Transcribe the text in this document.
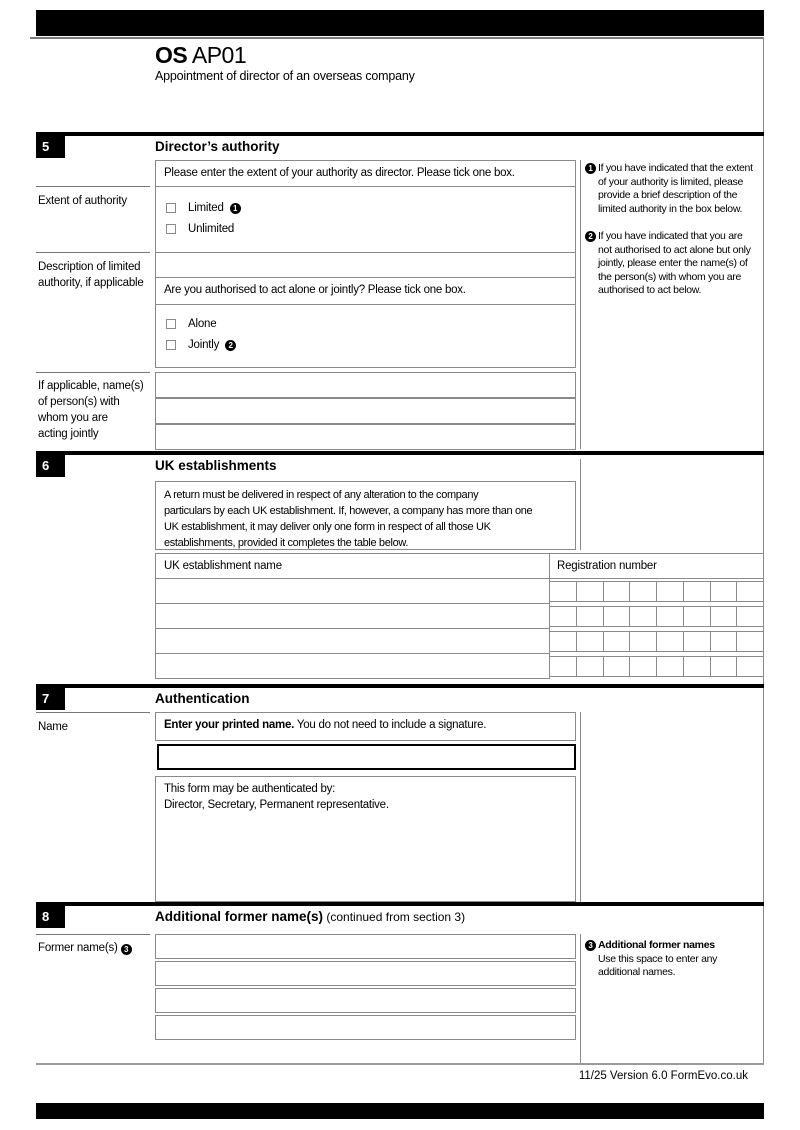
OS AP01
Appointment of director of an overseas company
5	Director’s authority
Please enter the extent of your authority as director. Please tick one box.
Extent of authority
Limited	1
Unlimited
Description of limited
authority, if applicable
Are you authorised to act alone or jointly? Please tick one box.
Alone
Jointly	2
If applicable, name(s)
of person(s) with
whom you are
acting jointly
1 If you have indicated that the extent
of your authority is limited, please
provide a brief description of the
limited authority in the box below.
2 If you have indicated that you are
not authorised to act alone but only
jointly, please enter the name(s) of
the person(s) with whom you are
authorised to act below.
6	UK establishments
A return must be delivered in respect of any alteration to the company
particulars by each UK establishment. If, however, a company has more than one
UK establishment, it may deliver only one form in respect of all those UK
establishments, provided it completes the table below.
UK establishment name	Registration number
7	Authentication
Name	Enter your printed name. You do not need to include a signature.
This form may be authenticated by:
Director, Secretary, Permanent representative.
8	Additional former name(s) (continued from section 3)
Former name(s) 3	3 Additional former names
Use this space to enter any
additional names.
11/25 Version 6.0 FormEvo.co.uk
